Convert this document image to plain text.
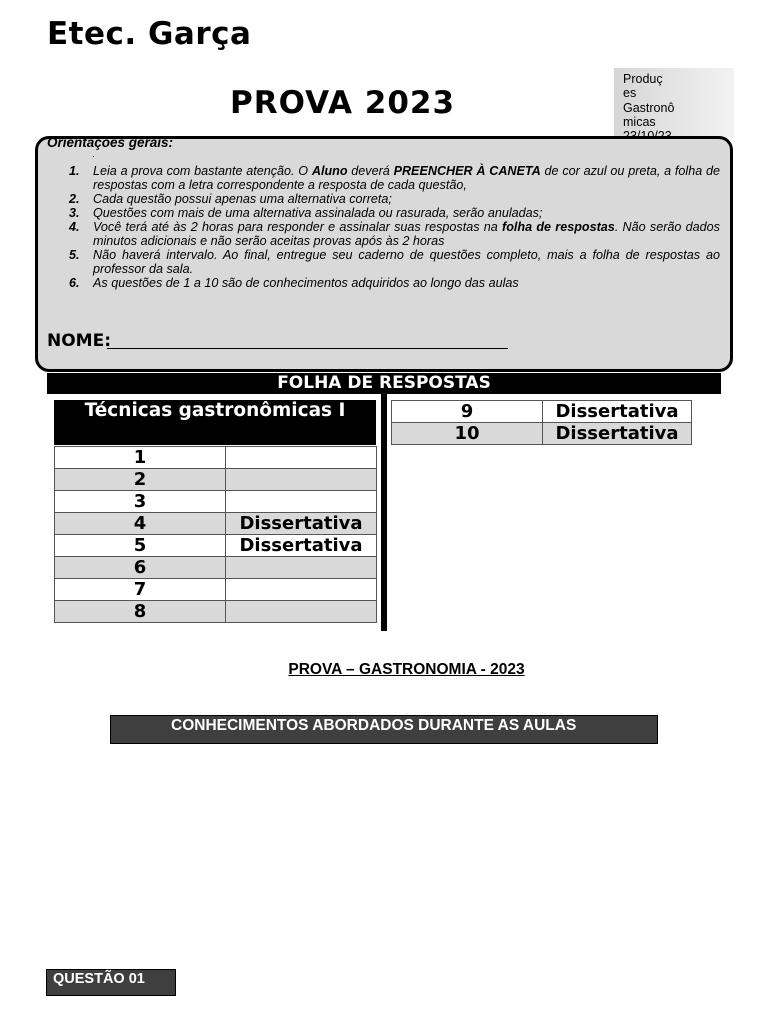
Etec. Garça
PROVA 2023
Produç
es
Gastronô
micas
Orientações gerais:
.
1.	Leia a prova com bastante atenção. O Aluno deverá PREENCHER À CANETA de cor azul ou preta, a folha de respostas com a letra correspondente a resposta de cada questão,
2.	Cada questão possui apenas uma alternativa correta;
3.	Questões com mais de uma alternativa assinalada ou rasurada, serão anuladas;
4.	Você terá até às 2 horas para responder e assinalar suas respostas na folha de respostas. Não serão dados minutos adicionais e não serão aceitas provas após às 2 horas
5.	Não haverá intervalo. Ao final, entregue seu caderno de questões completo, mais a folha de respostas ao professor da sala.
6.	As questões de 1 a 10 são de conhecimentos adquiridos ao longo das aulas
NOME:
FOLHA DE RESPOSTAS
Técnicas gastronômicas I
1	
2	
3	
4	Dissertativa
5	Dissertativa
6	
7	
8	
9	Dissertativa
10	Dissertativa
PROVA – GASTRONOMIA - 2023
CONHECIMENTOS ABORDADOS DURANTE AS AULAS
QUESTÃO 01
